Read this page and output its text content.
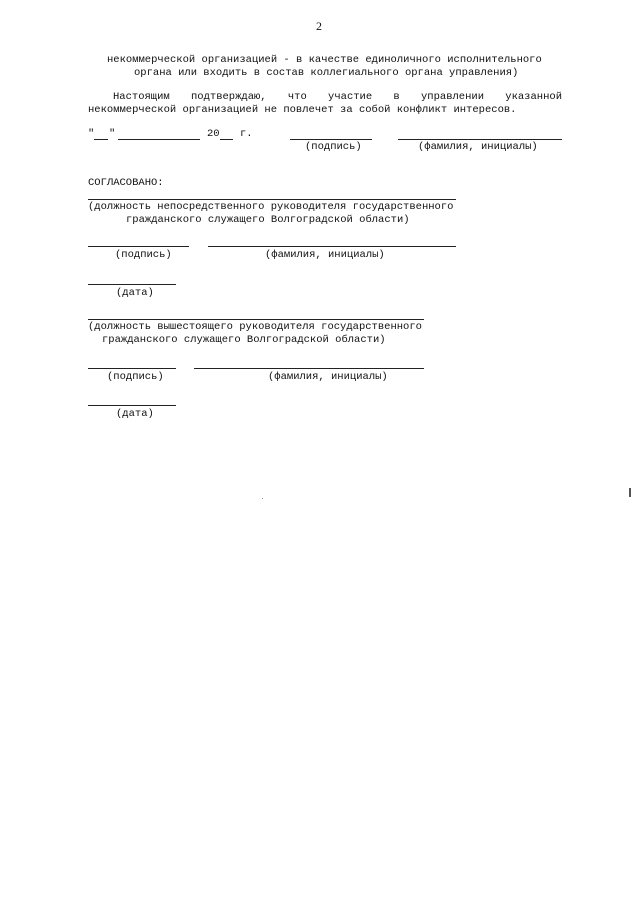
2
некоммерческой организацией - в качестве единоличного исполнительного
органа или входить в состав коллегиального органа управления)
Настоящим подтверждаю, что участие в управлении указанной
некоммерческой организацией не повлечет за собой конфликт интересов.
" "	20 г.
(подпись)	(фамилия, инициалы)
СОГЛАСОВАНО:
(должность непосредственного руководителя государственного
гражданского служащего Волгоградской области)
(подпись)	(фамилия, инициалы)
(дата)
(должность вышестоящего руководителя государственного
гражданского служащего Волгоградской области)
(подпись)	(фамилия, инициалы)
(дата)
